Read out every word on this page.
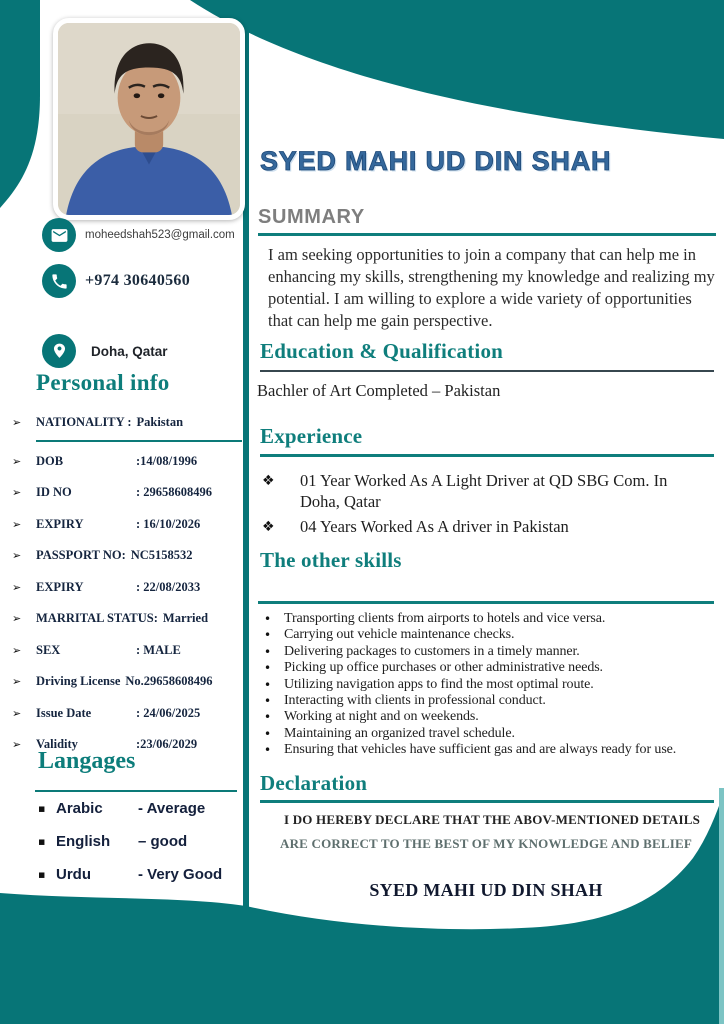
moheedshah523@gmail.com
+974 30640560
Doha, Qatar
Personal info
➢	NATIONALITY : Pakistan
➢	DOB	:14/08/1996
➢	ID NO	: 29658608496
➢	EXPIRY	: 16/10/2026
➢	PASSPORT NO: NC5158532
➢	EXPIRY	: 22/08/2033
➢	MARRITAL STATUS: Married
➢	SEX	: MALE
➢	Driving License No.29658608496
➢	Issue Date	: 24/06/2025
➢	Validity	:23/06/2029
Langages
▪ Arabic	- Average
▪ English	– good
▪ Urdu	- Very Good
SYED MAHI UD DIN SHAH
SUMMARY
I am seeking opportunities to join a company that can help me in enhancing my skills, strengthening my knowledge and realizing my potential. I am willing to explore a wide variety of opportunities that can help me gain perspective.
Education & Qualification
Bachler of Art Completed – Pakistan
Experience
❖	01 Year Worked As A Light Driver at QD SBG Com. In Doha, Qatar
❖	04 Years Worked As A driver in Pakistan
The other skills
• Transporting clients from airports to hotels and vice versa.
• Carrying out vehicle maintenance checks.
• Delivering packages to customers in a timely manner.
• Picking up office purchases or other administrative needs.
• Utilizing navigation apps to find the most optimal route.
• Interacting with clients in professional conduct.
• Working at night and on weekends.
• Maintaining an organized travel schedule.
• Ensuring that vehicles have sufficient gas and are always ready for use.
Declaration
I DO HEREBY DECLARE THAT THE ABOV-MENTIONED DETAILS
ARE CORRECT TO THE BEST OF MY KNOWLEDGE AND BELIEF
SYED MAHI UD DIN SHAH
